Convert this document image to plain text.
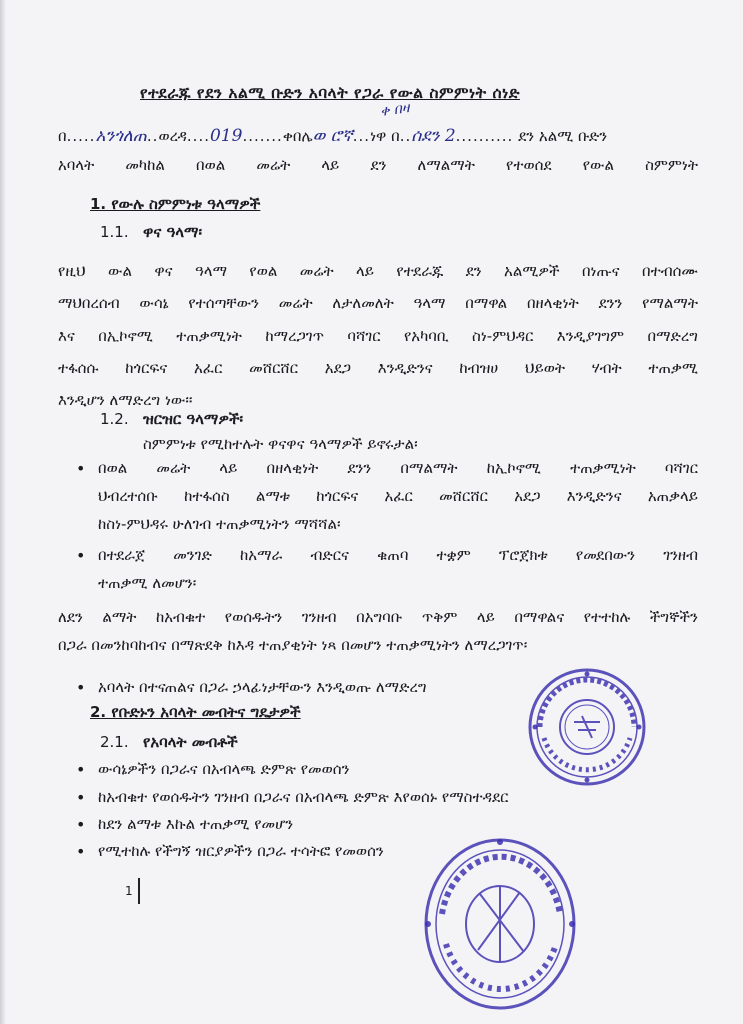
የተደራጁ የደን አልሚ ቡድን አባላት የጋራ የውል ስምምነት ሰነድ
በ.....አንጎለጠ..ወረዳ....019.......ቀበሌወ ሮኛ...ነዋ በ..ሰደን 2.......... ደን አልሚ ቡድን
ቀ በዛ
አባላት መካከል በወል መሬት ላይ ደን ለማልማት የተወሰደ የውል ስምምነት
1. የውሉ ስምምነቱ ዓላማዎች
1.1. ዋና ዓላማ፡
የዚህ ውል ዋና ዓላማ የወል መሬት ላይ የተደራጁ ደን አልሚዎች በነጡና በተብሰሙ
ማህበረሰብ ውሳኔ የተሰጣቸውን መሬት ለታለመለት ዓላማ በማዋል በዘላቂነት ደንን የማልማት
እና በኢኮኖሚ ተጠቃሚነት ከማረጋገጥ ባሻገር የአካባቢ ስነ-ምህዳር እንዲያገግም በማድረግ
ተፋሰሱ ከጎርፍና አፈር መሸርሸር አደጋ እንዲድንና ከብዝሀ ህይወት ሃብት ተጠቃሚ
እንዲሆን ለማድረግ ነው፡፡
1.2. ዝርዝር ዓላማዎች፡
ስምምነቱ የሚከተሉት ዋናዋና ዓላማዎች ይኖሩታል፡
• በወል መሬት ላይ በዘላቂነት ደንን በማልማት ከኢኮኖሚ ተጠቃሚነት ባሻገር
ህብረተሰቡ ከተፋሰስ ልማቱ ከጎርፍና አፈር መሸርሸር አደጋ እንዲድንና አጠቃላይ
ከስነ-ምህዳሩ ሁለገብ ተጠቃሚነትን ማሻሻል፡
• በተደራጀ መንገድ ከአማራ ብድርና ቁጠባ ተቋም ፕሮጀክቱ የመደበውን ገንዘብ
ተጠቃሚ ለመሆን፡
ለደን ልማት ከአብቁተ የወሰዱትን ገንዘብ በአግባቡ ጥቅም ላይ በማዋልና የተተከሉ ችግኞችን
በጋራ በመንከባከብና በማጽደቅ ከእዳ ተጠያቂነት ነጻ በመሆን ተጠቃሚነትን ለማረጋገጥ፡
• አባላት በተናጠልና በጋራ ኃላፊነታቸውን እንዲወጡ ለማድረግ
2. የቡድኑን አባላት መብትና ግዴታዎች
2.1. የአባላት መብቶች
• ውሳኔዎችን በጋራና በአብላጫ ድምጽ የመወሰን
• ከአብቁተ የወሰዱትን ገንዘብ በጋራና በአብላጫ ድምጽ እየወሰኑ የማስተዳደር
• ከደን ልማቱ እኩል ተጠቃሚ የመሆን
• የሚተከሉ የችግኝ ዝርያዎችን በጋራ ተሳትፎ የመወሰን
1
